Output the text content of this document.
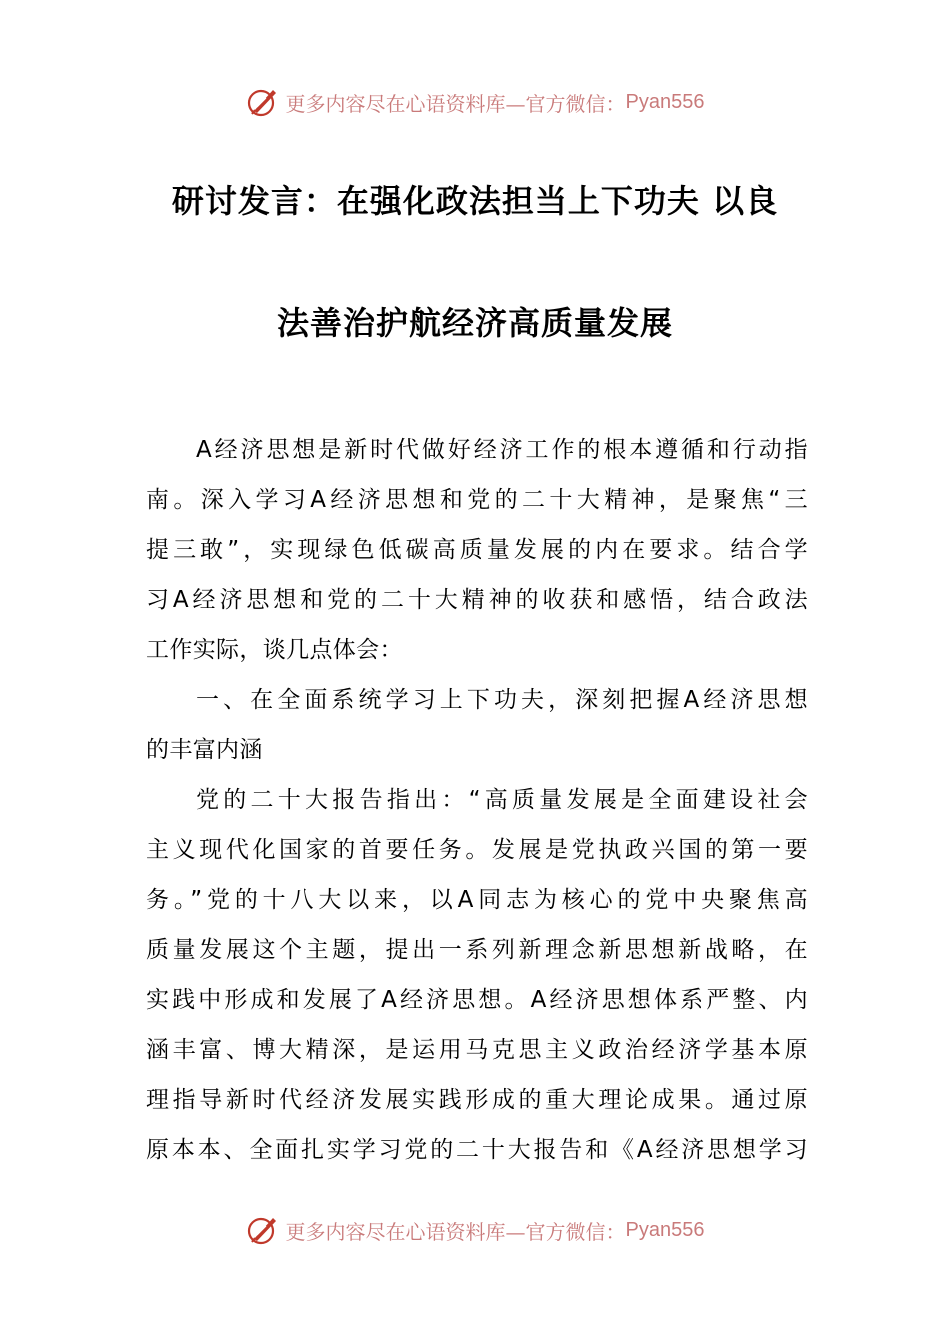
更多内容尽在心语资料库—官方微信： Pyan556
研讨发言：在强化政法担当上下功夫 以良
法善治护航经济高质量发展
A经济思想是新时代做好经济工作的根本遵循和行动指
南。深入学习A经济思想和党的二十大精神，是聚焦“三
提三敢”，实现绿色低碳高质量发展的内在要求。结合学
习A经济思想和党的二十大精神的收获和感悟，结合政法
工作实际，谈几点体会：
一、在全面系统学习上下功夫，深刻把握A经济思想
的丰富内涵
党的二十大报告指出：“高质量发展是全面建设社会
主义现代化国家的首要任务。发展是党执政兴国的第一要
务。”党的十八大以来，以A同志为核心的党中央聚焦高
质量发展这个主题，提出一系列新理念新思想新战略，在
实践中形成和发展了A经济思想。A经济思想体系严整、内
涵丰富、博大精深，是运用马克思主义政治经济学基本原
理指导新时代经济发展实践形成的重大理论成果。通过原
原本本、全面扎实学习党的二十大报告和《A经济思想学习
更多内容尽在心语资料库—官方微信： Pyan556
